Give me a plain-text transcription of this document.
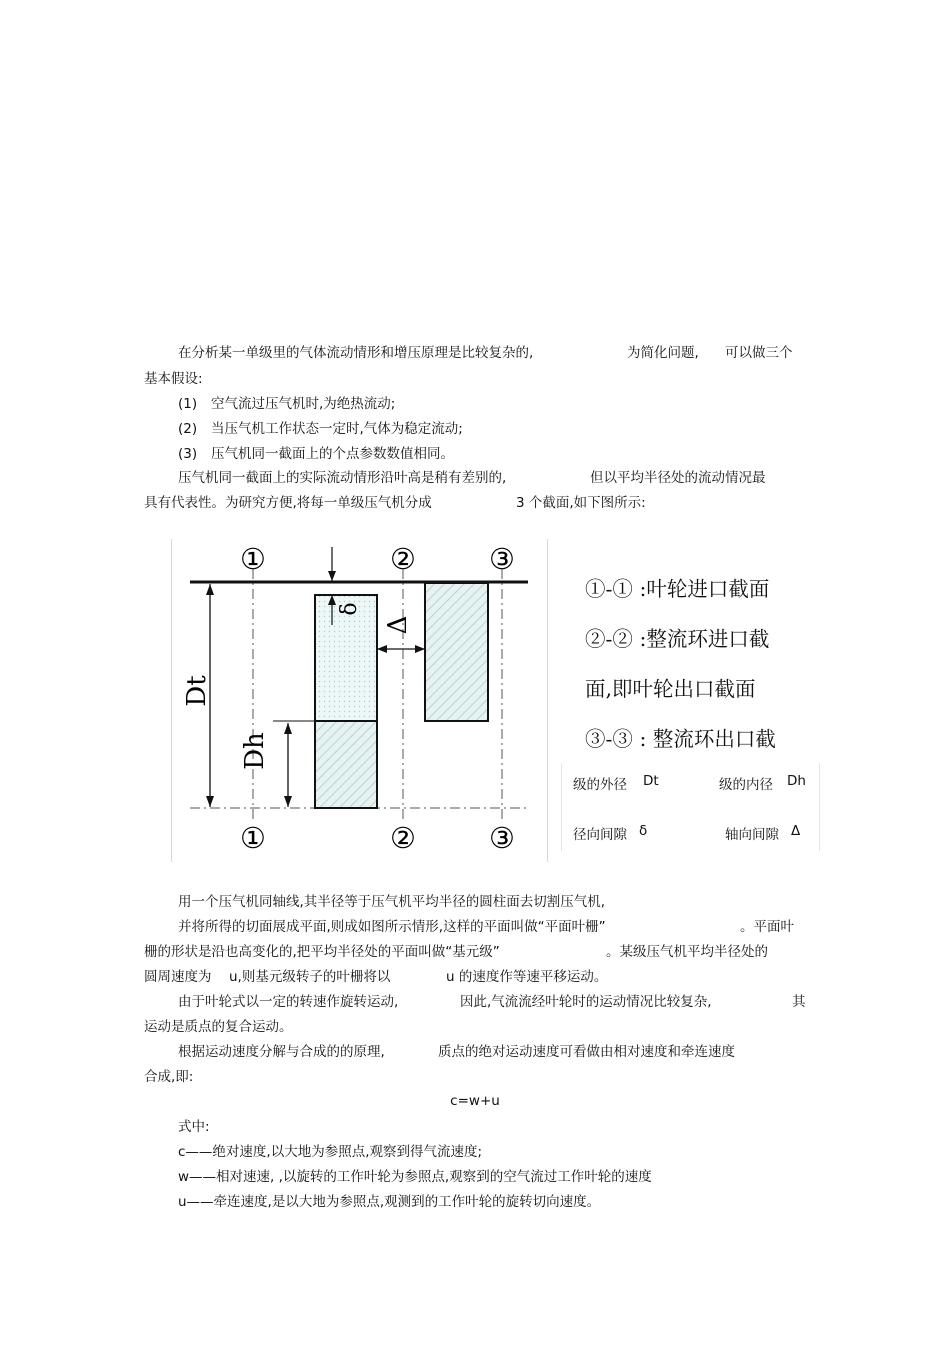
在分析某一单级里的气体流动情形和增压原理是比较复杂的,	为简化问题, 可以做三个
基本假设:
(1) 空气流过压气机时,为绝热流动;
(2) 当压气机工作状态一定时,气体为稳定流动;
(3) 压气机同一截面上的个点参数数值相同。
压气机同一截面上的实际流动情形沿叶高是稍有差别的,	但以平均半径处的流动情况最
具有代表性。为研究方便,将每一单级压气机分成	3 个截面,如下图所示:
①	②	③
①	②	③
Dt
Dh
δ
Δ
①-① :叶轮进口截面
②-② :整流环进口截
面,即叶轮出口截面
③-③ : 整流环出口截
级的外径 Dt	级的内径 Dh
径向间隙 δ	轴向间隙 Δ
用一个压气机同轴线,其半径等于压气机平均半径的圆柱面去切割压气机,
并将所得的切面展成平面,则成如图所示情形,这样的平面叫做“平面叶栅”	。平面叶
栅的形状是沿也高变化的,把平均半径处的平面叫做“基元级”	。某级压气机平均半径处的
圆周速度为 u,则基元级转子的叶栅将以	u 的速度作等速平移运动。
由于叶轮式以一定的转速作旋转运动,	因此,气流流经叶轮时的运动情况比较复杂,	其
运动是质点的复合运动。
根据运动速度分解与合成的的原理,	质点的绝对运动速度可看做由相对速度和牵连速度
合成,即:
c=w+u
式中:
c——绝对速度,以大地为参照点,观察到得气流速度;
w——相对速速, ,以旋转的工作叶轮为参照点,观察到的空气流过工作叶轮的速度
u——牵连速度,是以大地为参照点,观测到的工作叶轮的旋转切向速度。
